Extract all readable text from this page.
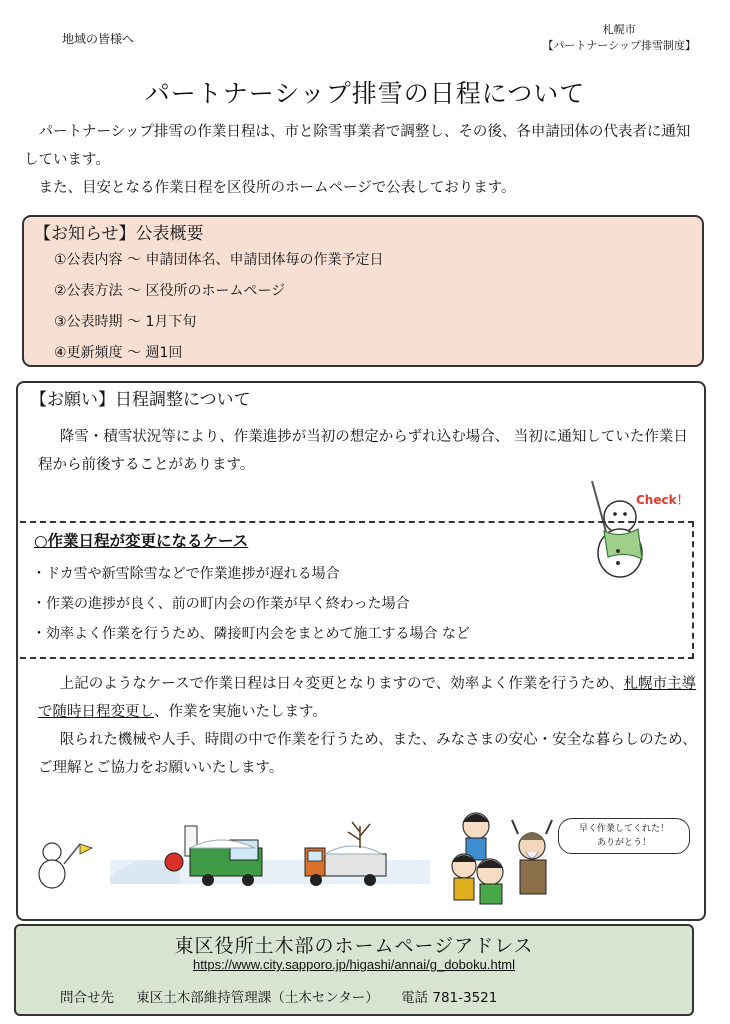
地域の皆様へ
札幌市
【パートナーシップ排雪制度】
パートナーシップ排雪の日程について

パートナーシップ排雪の作業日程は、市と除雪事業者で調整し、その後、各申請団体の代表者に通知しています。

また、目安となる作業日程を区役所のホームページで公表しております。

【お知らせ】公表概要
①公表内容 ～ 申請団体名、申請団体毎の作業予定日
②公表方法 ～ 区役所のホームページ
③公表時期 ～ 1月下旬
④更新頻度 ～ 週1回
【お願い】日程調整について

降雪・積雪状況等により、作業進捗が当初の想定からずれ込む場合、 当初に通知していた作業日程から前後することがあります。

Check！
○作業日程が変更になるケース
・ドカ雪や新雪除雪などで作業進捗が遅れる場合
・作業の進捗が良く、前の町内会の作業が早く終わった場合
・効率よく作業を行うため、隣接町内会をまとめて施工する場合 など

上記のようなケースで作業日程は日々変更となりますので、効率よく作業を行うため、札幌市主導で随時日程変更し、作業を実施いたします。

限られた機械や人手、時間の中で作業を行うため、また、みなさまの安心・安全な暮らしのため、ご理解とご協力をお願いいたします。

早く作業してくれた！
ありがとう！
東区役所土木部のホームページアドレス
https://www.city.sapporo.jp/higashi/annai/g_doboku.html
問合せ先 東区土木部維持管理課（土木センター） 電話 781-3521
